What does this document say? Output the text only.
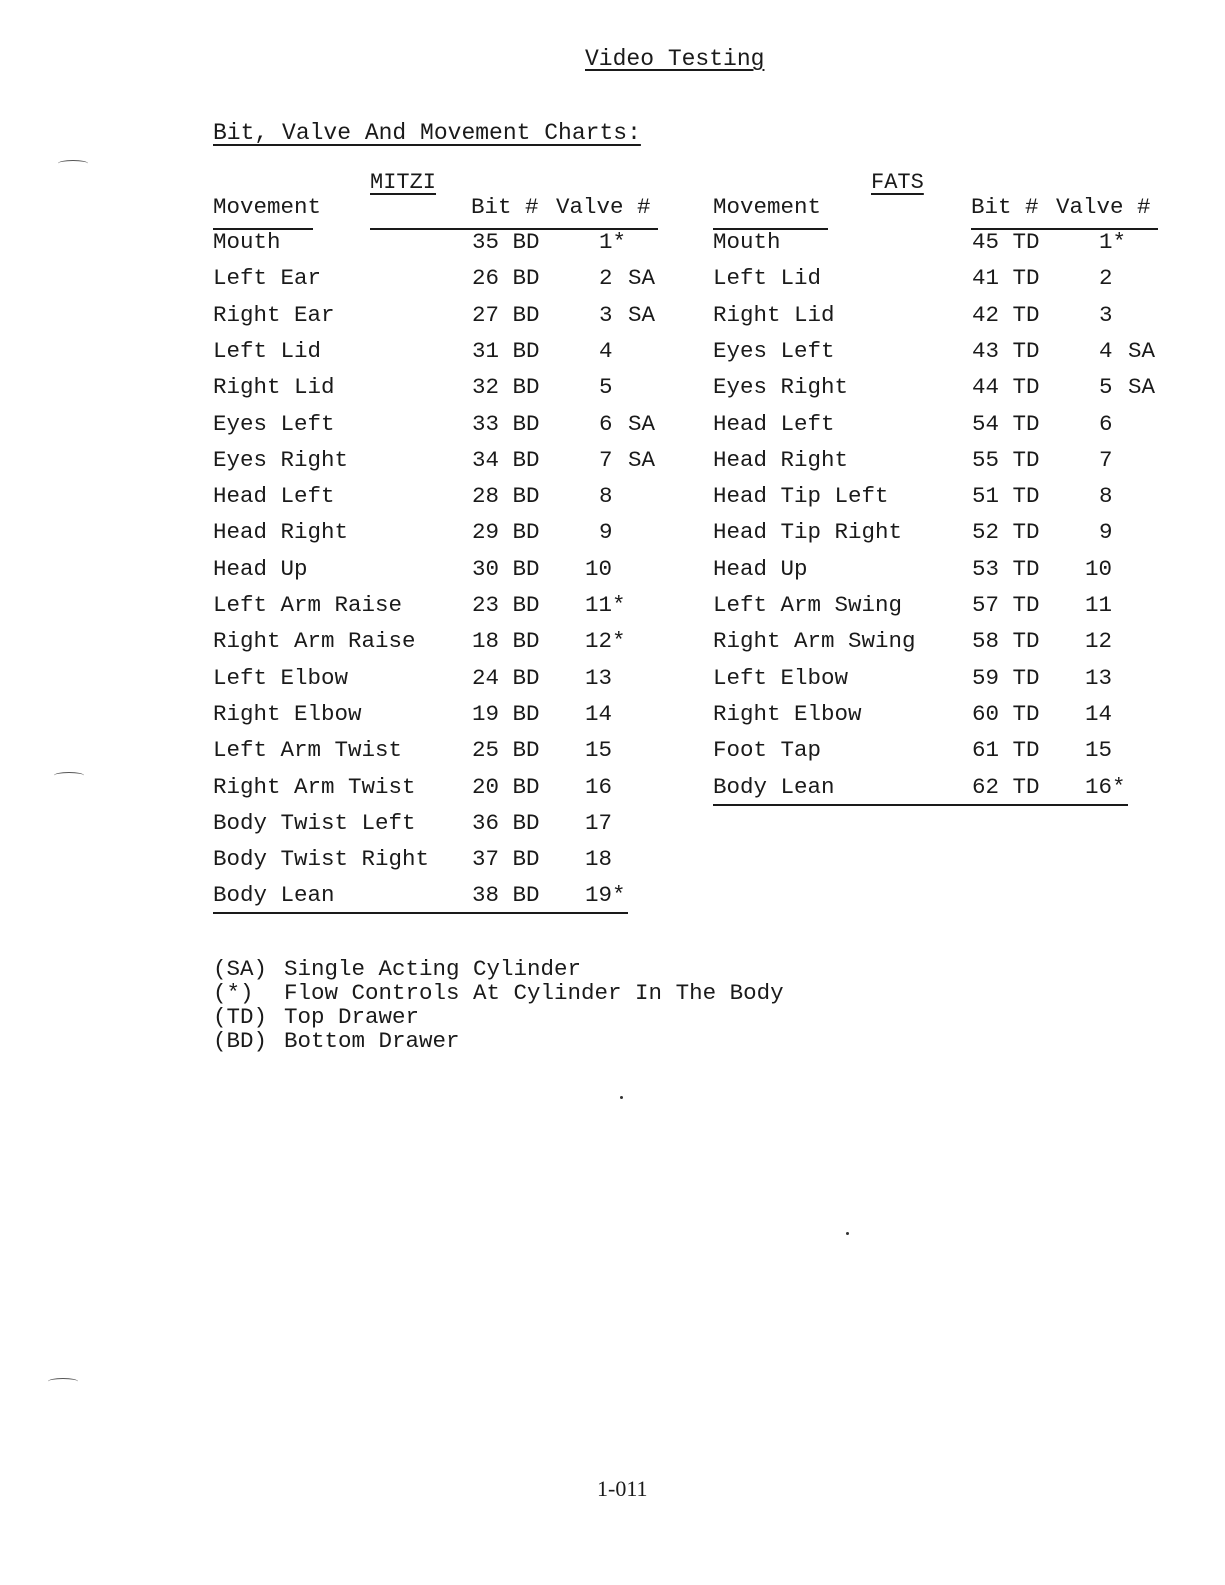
Video Testing
Bit, Valve And Movement Charts:
MITZI
Movement	Bit # Valve #
Mouth	35 BD	1*
Left Ear	26 BD	2 SA
Right Ear	27 BD	3 SA
Left Lid	31 BD	4
Right Lid	32 BD	5
Eyes Left	33 BD	6 SA
Eyes Right	34 BD	7 SA
Head Left	28 BD	8
Head Right	29 BD	9
Head Up	30 BD 10
Left Arm Raise	23 BD 11*
Right Arm Raise	18 BD 12*
Left Elbow	24 BD 13
Right Elbow	19 BD 14
Left Arm Twist	25 BD 15
Right Arm Twist	20 BD 16
Body Twist Left	36 BD 17
Body Twist Right 37 BD 18
Body Lean	38 BD 19*
FATS
Movement	Bit # Valve #
Mouth	45 TD	1*
Left Lid	41 TD	2
Right Lid	42 TD	3
Eyes Left	43 TD	4 SA
Eyes Right	44 TD	5 SA
Head Left	54 TD	6
Head Right	55 TD	7
Head Tip Left	51 TD	8
Head Tip Right	52 TD	9
Head Up	53 TD 10
Left Arm Swing	57 TD 11
Right Arm Swing	58 TD 12
Left Elbow	59 TD 13
Right Elbow	60 TD 14
Foot Tap	61 TD 15
Body Lean	62 TD 16*
(SA) Single Acting Cylinder
(*) Flow Controls At Cylinder In The Body
(TD) Top Drawer
(BD) Bottom Drawer
1-011
